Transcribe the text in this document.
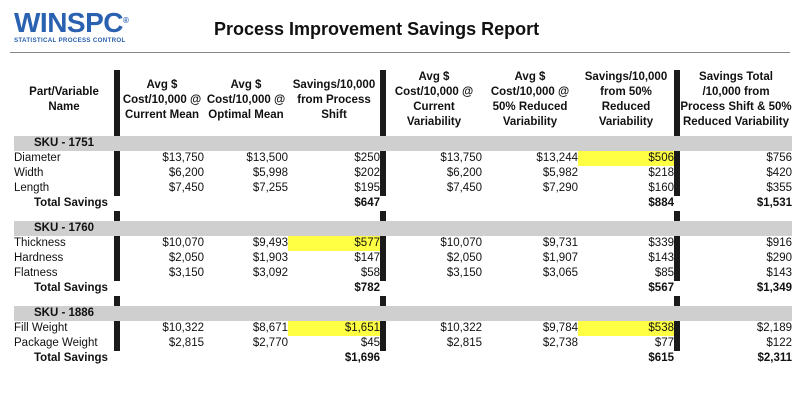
WINSPC®
STATISTICAL PROCESS CONTROL
Process Improvement Savings Report
Part/Variable Name		Avg $ Cost/10,000 @ Current Mean	Avg $ Cost/10,000 @ Optimal Mean	Savings/10,000 from Process Shift		Avg $ Cost/10,000 @ Current Variability	Avg $ Cost/10,000 @ 50% Reduced Variability	Savings/10,000 from 50% Reduced Variability		Savings Total /10,000 from Process Shift & 50% Reduced Variability

SKU - 1751										
Diameter		$13,750	$13,500	$250		$13,750	$13,244	$506		$756
Width		$6,200	$5,998	$202		$6,200	$5,982	$218		$420
Length		$7,450	$7,255	$195		$7,450	$7,290	$160		$355
Total Savings				$647				$884		$1,531

SKU - 1760										
Thickness		$10,070	$9,493	$577		$10,070	$9,731	$339		$916
Hardness		$2,050	$1,903	$147		$2,050	$1,907	$143		$290
Flatness		$3,150	$3,092	$58		$3,150	$3,065	$85		$143
Total Savings				$782				$567		$1,349

SKU - 1886										
Fill Weight		$10,322	$8,671	$1,651		$10,322	$9,784	$538		$2,189
Package Weight		$2,815	$2,770	$45		$2,815	$2,738	$77		$122
Total Savings				$1,696				$615		$2,311
